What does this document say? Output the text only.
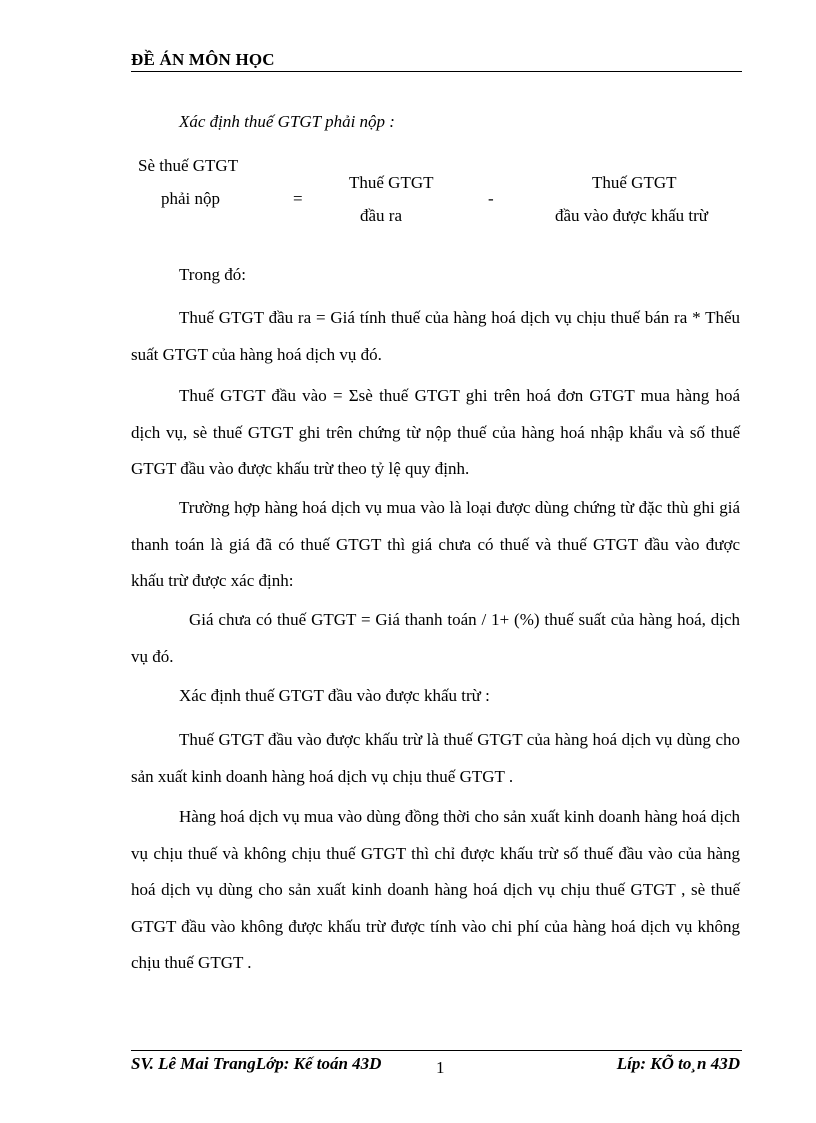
ĐỀ ÁN MÔN HỌC
Xác định thuế GTGT phải nộp :
Sè thuế GTGT
phải nộp	=
Thuế GTGT
đầu ra
-
Thuế GTGT
đầu vào được khấu trừ
Trong đó:
Thuế GTGT đầu ra = Giá tính thuế của hàng hoá dịch vụ chịu thuế bán ra * Thếu suất GTGT của hàng hoá dịch vụ đó.
Thuế GTGT đầu vào = Σsè thuế GTGT ghi trên hoá đơn GTGT mua hàng hoá dịch vụ, sè thuế GTGT ghi trên chứng từ nộp thuế của hàng hoá nhập khẩu và số thuế GTGT đầu vào được khấu trừ theo tỷ lệ quy định.
Trường hợp hàng hoá dịch vụ mua vào là loại được dùng chứng từ đặc thù ghi giá thanh toán là giá đã có thuế GTGT thì giá chưa có thuế và thuế GTGT đầu vào được khấu trừ được xác định:
Giá chưa có thuế GTGT = Giá thanh toán / 1+ (%) thuế suất của hàng hoá, dịch vụ đó.
Xác định thuế GTGT đầu vào được khấu trừ :
Thuế GTGT đầu vào được khấu trừ là thuế GTGT của hàng hoá dịch vụ dùng cho sản xuất kinh doanh hàng hoá dịch vụ chịu thuế GTGT .
Hàng hoá dịch vụ mua vào dùng đồng thời cho sản xuất kinh doanh hàng hoá dịch vụ chịu thuế và không chịu thuế GTGT thì chỉ được khấu trừ số thuế đầu vào của hàng hoá dịch vụ dùng cho sản xuất kinh doanh hàng hoá dịch vụ chịu thuế GTGT , sè thuế GTGT đầu vào không được khấu trừ được tính vào chi phí của hàng hoá dịch vụ không chịu thuế GTGT .
SV. Lê Mai TrangLớp: Kế toán 43D	1	Líp: KÕ to¸n 43D
